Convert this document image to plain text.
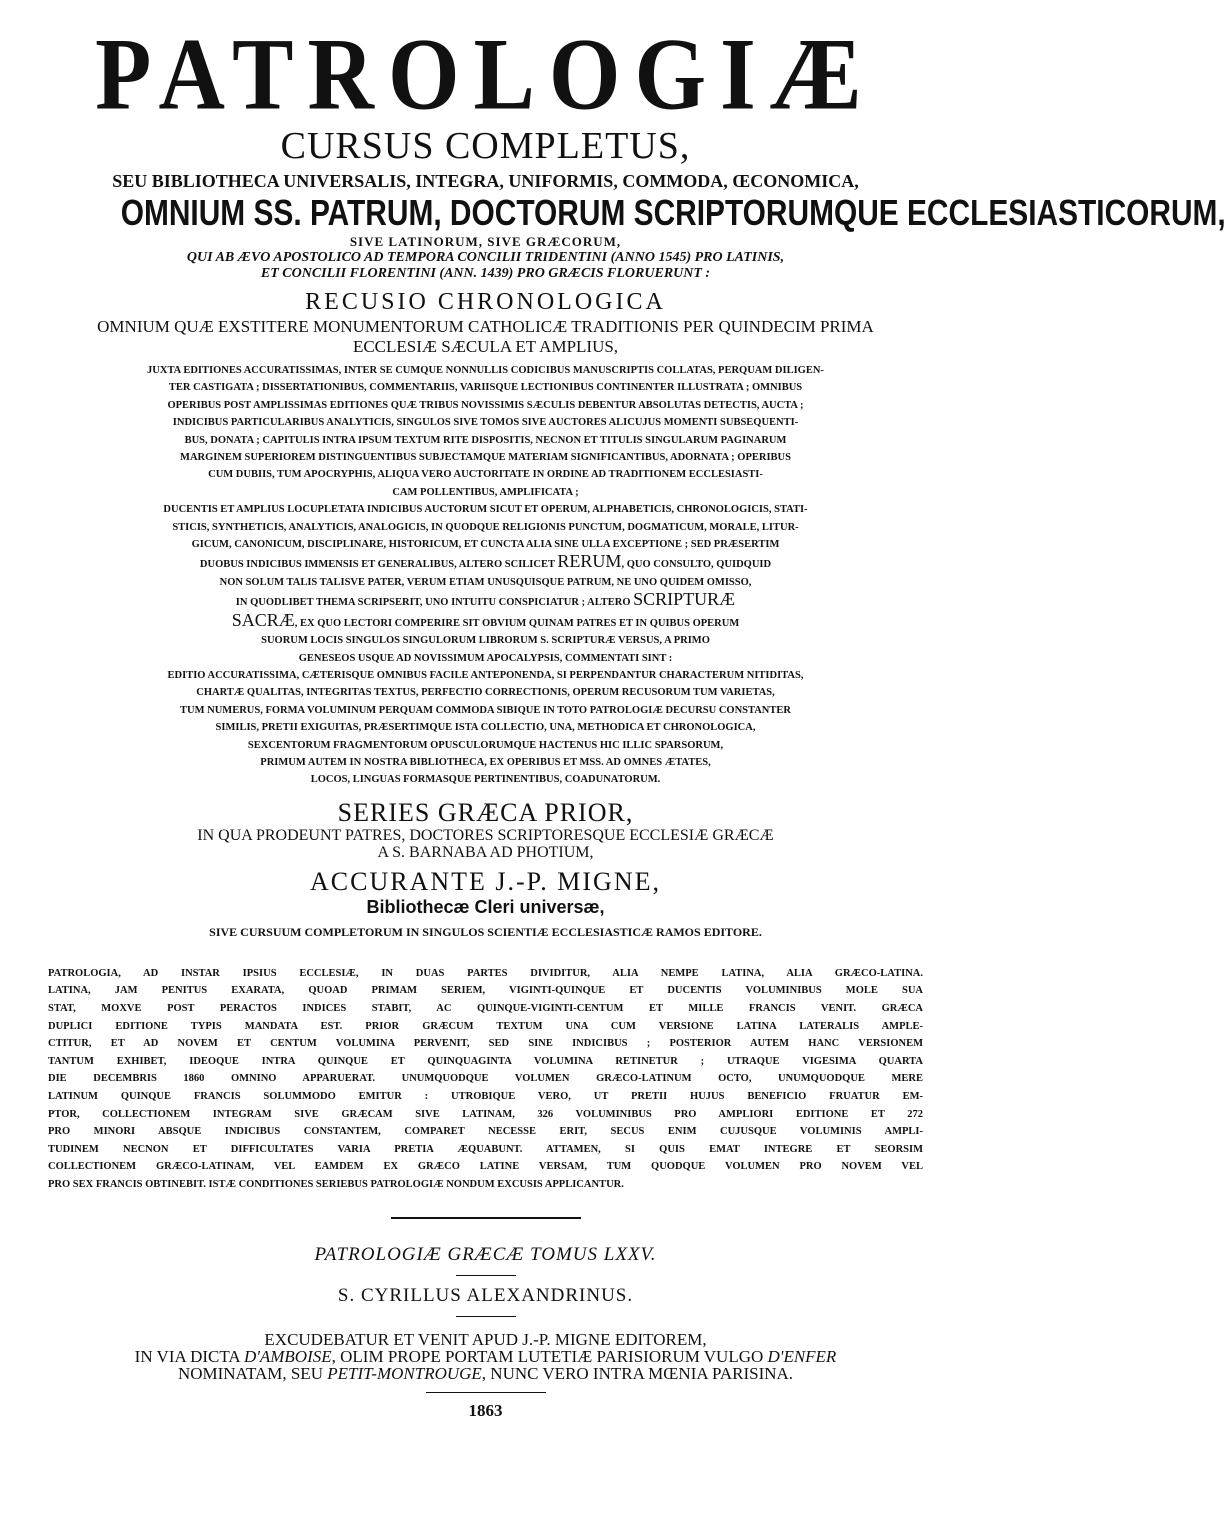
PATROLOGIÆ
CURSUS COMPLETUS,
SEU BIBLIOTHECA UNIVERSALIS, INTEGRA, UNIFORMIS, COMMODA, ŒCONOMICA,
OMNIUM SS. PATRUM, DOCTORUM SCRIPTORUMQUE ECCLESIASTICORUM,
SIVE LATINORUM, SIVE GRÆCORUM,
QUI AB ÆVO APOSTOLICO AD TEMPORA CONCILII TRIDENTINI (ANNO 1545) PRO LATINIS,
ET CONCILII FLORENTINI (ANN. 1439) PRO GRÆCIS FLORUERUNT :
RECUSIO CHRONOLOGICA
OMNIUM QUÆ EXSTITERE MONUMENTORUM CATHOLICÆ TRADITIONIS PER QUINDECIM PRIMA
ECCLESIÆ SÆCULA ET AMPLIUS,
JUXTA EDITIONES ACCURATISSIMAS, INTER SE CUMQUE NONNULLIS CODICIBUS MANUSCRIPTIS COLLATAS, PERQUAM DILIGEN-
TER CASTIGATA ; DISSERTATIONIBUS, COMMENTARIIS, VARIISQUE LECTIONIBUS CONTINENTER ILLUSTRATA ; OMNIBUS
OPERIBUS POST AMPLISSIMAS EDITIONES QUÆ TRIBUS NOVISSIMIS SÆCULIS DEBENTUR ABSOLUTAS DETECTIS, AUCTA ;
INDICIBUS PARTICULARIBUS ANALYTICIS, SINGULOS SIVE TOMOS SIVE AUCTORES ALICUJUS MOMENTI SUBSEQUENTI-
BUS, DONATA ; CAPITULIS INTRA IPSUM TEXTUM RITE DISPOSITIS, NECNON ET TITULIS SINGULARUM PAGINARUM
MARGINEM SUPERIOREM DISTINGUENTIBUS SUBJECTAMQUE MATERIAM SIGNIFICANTIBUS, ADORNATA ; OPERIBUS
CUM DUBIIS, TUM APOCRYPHIS, ALIQUA VERO AUCTORITATE IN ORDINE AD TRADITIONEM ECCLESIASTI-
CAM POLLENTIBUS, AMPLIFICATA ;
DUCENTIS ET AMPLIUS LOCUPLETATA INDICIBUS AUCTORUM SICUT ET OPERUM, ALPHABETICIS, CHRONOLOGICIS, STATI-
STICIS, SYNTHETICIS, ANALYTICIS, ANALOGICIS, IN QUODQUE RELIGIONIS PUNCTUM, DOGMATICUM, MORALE, LITUR-
GICUM, CANONICUM, DISCIPLINARE, HISTORICUM, ET CUNCTA ALIA SINE ULLA EXCEPTIONE ; SED PRÆSERTIM
DUOBUS INDICIBUS IMMENSIS ET GENERALIBUS, ALTERO SCILICET RERUM, QUO CONSULTO, QUIDQUID
NON SOLUM TALIS TALISVE PATER, VERUM ETIAM UNUSQUISQUE PATRUM, NE UNO QUIDEM OMISSO,
IN QUODLIBET THEMA SCRIPSERIT, UNO INTUITU CONSPICIATUR ; ALTERO SCRIPTURÆ
SACRÆ, EX QUO LECTORI COMPERIRE SIT OBVIUM QUINAM PATRES ET IN QUIBUS OPERUM
SUORUM LOCIS SINGULOS SINGULORUM LIBRORUM S. SCRIPTURÆ VERSUS, A PRIMO
GENESEOS USQUE AD NOVISSIMUM APOCALYPSIS, COMMENTATI SINT :
EDITIO ACCURATISSIMA, CÆTERISQUE OMNIBUS FACILE ANTEPONENDA, SI PERPENDANTUR CHARACTERUM NITIDITAS,
CHARTÆ QUALITAS, INTEGRITAS TEXTUS, PERFECTIO CORRECTIONIS, OPERUM RECUSORUM TUM VARIETAS,
TUM NUMERUS, FORMA VOLUMINUM PERQUAM COMMODA SIBIQUE IN TOTO PATROLOGIÆ DECURSU CONSTANTER
SIMILIS, PRETII EXIGUITAS, PRÆSERTIMQUE ISTA COLLECTIO, UNA, METHODICA ET CHRONOLOGICA,
SEXCENTORUM FRAGMENTORUM OPUSCULORUMQUE HACTENUS HIC ILLIC SPARSORUM,
PRIMUM AUTEM IN NOSTRA BIBLIOTHECA, EX OPERIBUS ET MSS. AD OMNES ÆTATES,
LOCOS, LINGUAS FORMASQUE PERTINENTIBUS, COADUNATORUM.
SERIES GRÆCA PRIOR,
IN QUA PRODEUNT PATRES, DOCTORES SCRIPTORESQUE ECCLESIÆ GRÆCÆ
A S. BARNABA AD PHOTIUM,
ACCURANTE J.-P. MIGNE,
Bibliothecæ Cleri universæ,
SIVE CURSUUM COMPLETORUM IN SINGULOS SCIENTIÆ ECCLESIASTICÆ RAMOS EDITORE.
PATROLOGIA, AD INSTAR IPSIUS ECCLESIÆ, IN DUAS PARTES DIVIDITUR, ALIA NEMPE LATINA, ALIA GRÆCO-LATINA.
LATINA, JAM PENITUS EXARATA, QUOAD PRIMAM SERIEM, VIGINTI-QUINQUE ET DUCENTIS VOLUMINIBUS MOLE SUA
STAT, MOXVE POST PERACTOS INDICES STABIT, AC QUINQUE-VIGINTI-CENTUM ET MILLE FRANCIS VENIT. GRÆCA
DUPLICI EDITIONE TYPIS MANDATA EST. PRIOR GRÆCUM TEXTUM UNA CUM VERSIONE LATINA LATERALIS AMPLE-
CTITUR, ET AD NOVEM ET CENTUM VOLUMINA PERVENIT, SED SINE INDICIBUS ; POSTERIOR AUTEM HANC VERSIONEM
TANTUM EXHIBET, IDEOQUE INTRA QUINQUE ET QUINQUAGINTA VOLUMINA RETINETUR ; UTRAQUE VIGESIMA QUARTA
DIE DECEMBRIS 1860 OMNINO APPARUERAT. UNUMQUODQUE VOLUMEN GRÆCO-LATINUM OCTO, UNUMQUODQUE MERE
LATINUM QUINQUE FRANCIS SOLUMMODO EMITUR : UTROBIQUE VERO, UT PRETII HUJUS BENEFICIO FRUATUR EM-
PTOR, COLLECTIONEM INTEGRAM SIVE GRÆCAM SIVE LATINAM, 326 VOLUMINIBUS PRO AMPLIORI EDITIONE ET 272
PRO MINORI ABSQUE INDICIBUS CONSTANTEM, COMPARET NECESSE ERIT, SECUS ENIM CUJUSQUE VOLUMINIS AMPLI-
TUDINEM NECNON ET DIFFICULTATES VARIA PRETIA ÆQUABUNT. ATTAMEN, SI QUIS EMAT INTEGRE ET SEORSIM
COLLECTIONEM GRÆCO-LATINAM, VEL EAMDEM EX GRÆCO LATINE VERSAM, TUM QUODQUE VOLUMEN PRO NOVEM VEL
PRO SEX FRANCIS OBTINEBIT. ISTÆ CONDITIONES SERIEBUS PATROLOGIÆ NONDUM EXCUSIS APPLICANTUR.
PATROLOGIÆ GRÆCÆ TOMUS LXXV.
S. CYRILLUS ALEXANDRINUS.
EXCUDEBATUR ET VENIT APUD J.-P. MIGNE EDITOREM,
IN VIA DICTA D'AMBOISE, OLIM PROPE PORTAM LUTETIÆ PARISIORUM VULGO D'ENFER
NOMINATAM, SEU PETIT-MONTROUGE, NUNC VERO INTRA MŒNIA PARISINA.
1863
